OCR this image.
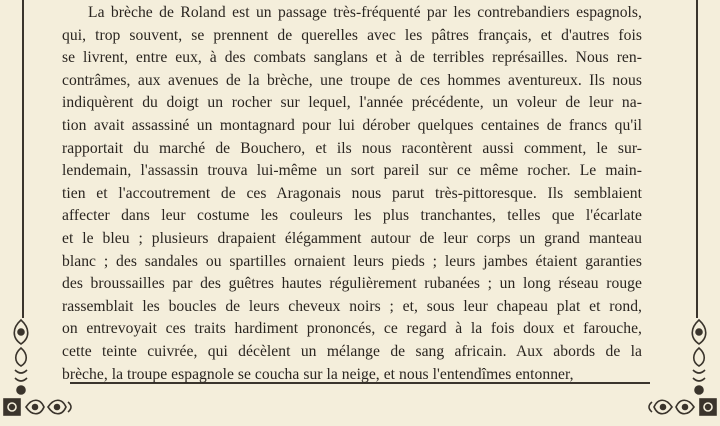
La brèche de Roland est un passage très-fréquenté par les contrebandiers espagnols,
qui, trop souvent, se prennent de querelles avec les pâtres français, et d'autres fois
se livrent, entre eux, à des combats sanglans et à de terribles représailles. Nous ren-
contrâmes, aux avenues de la brèche, une troupe de ces hommes aventureux. Ils nous
indiquèrent du doigt un rocher sur lequel, l'année précédente, un voleur de leur na-
tion avait assassiné un montagnard pour lui dérober quelques centaines de francs qu'il
rapportait du marché de Bouchero, et ils nous racontèrent aussi comment, le sur-
lendemain, l'assassin trouva lui-même un sort pareil sur ce même rocher. Le main-
tien et l'accoutrement de ces Aragonais nous parut très-pittoresque. Ils semblaient
affecter dans leur costume les couleurs les plus tranchantes, telles que l'écarlate
et le bleu ; plusieurs drapaient élégamment autour de leur corps un grand manteau
blanc ; des sandales ou spartilles ornaient leurs pieds ; leurs jambes étaient garanties
des broussailles par des guêtres hautes régulièrement rubanées ; un long réseau rouge
rassemblait les boucles de leurs cheveux noirs ; et, sous leur chapeau plat et rond,
on entrevoyait ces traits hardiment prononcés, ce regard à la fois doux et farouche,
cette teinte cuivrée, qui décèlent un mélange de sang africain. Aux abords de la
brèche, la troupe espagnole se coucha sur la neige, et nous l'entendîmes entonner,
